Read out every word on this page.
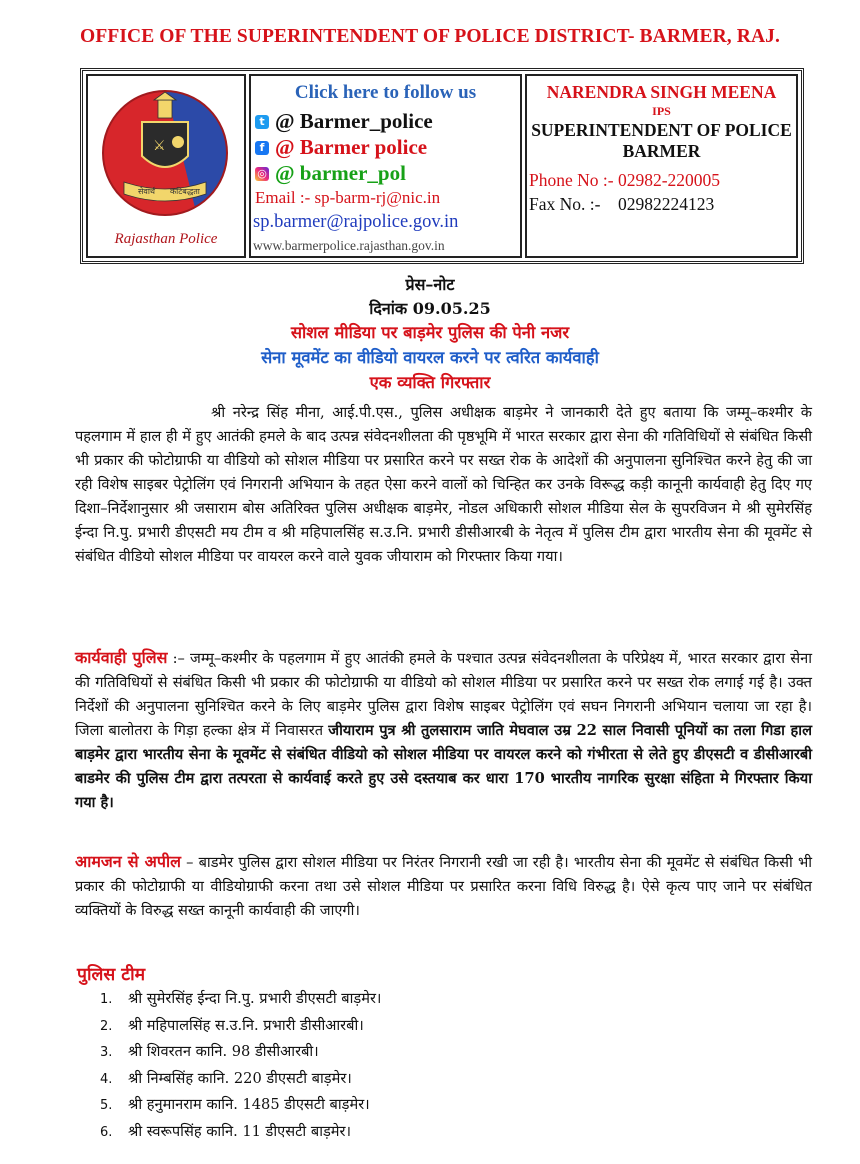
OFFICE OF THE SUPERINTENDENT OF POLICE DISTRICT- BARMER, RAJ.
⚔
सेवार्थ कटिबद्धता
Rajasthan Police
Click here to follow us
t @ Barmer_police
f @ Barmer police
◎ @ barmer_pol
Email :- sp-barm-rj@nic.in
sp.barmer@rajpolice.gov.in
www.barmerpolice.rajasthan.gov.in
NARENDRA SINGH MEENA
IPS
SUPERINTENDENT OF POLICE
BARMER
Phone No :- 02982-220005
Fax No. :-    02982224123
प्रेस–नोट
दिनांक 09.05.25
सोशल मीडिया पर बाड़मेर पुलिस की पेनी नजर
सेना मूवमेंट का वीडियो वायरल करने पर त्वरित कार्यवाही
एक व्यक्ति गिरफ्तार
श्री नरेन्द्र सिंह मीना, आई.पी.एस., पुलिस अधीक्षक बाड़मेर ने जानकारी देते हुए बताया कि जम्मू–कश्मीर के पहलगाम में हाल ही में हुए आतंकी हमले के बाद उत्पन्न संवेदनशीलता की पृष्ठभूमि में भारत सरकार द्वारा सेना की गतिविधियों से संबंधित किसी भी प्रकार की फोटोग्राफी या वीडियो को सोशल मीडिया पर प्रसारित करने पर सख्त रोक के आदेशों की अनुपालना सुनिश्चित करने हेतु की जा रही विशेष साइबर पेट्रोलिंग एवं निगरानी अभियान के तहत ऐसा करने वालों को चिन्हित कर उनके विरूद्ध कड़ी कानूनी कार्यवाही हेतु दिए गए दिशा–निर्देशानुसार श्री जसाराम बोस अतिरिक्त पुलिस अधीक्षक बाड़मेर, नोडल अधिकारी सोशल मीडिया सेल के सुपरविजन मे श्री सुमेरसिंह ईन्दा नि.पु. प्रभारी डीएसटी मय टीम व श्री महिपालसिंह स.उ.नि. प्रभारी डीसीआरबी के नेतृत्व में पुलिस टीम द्वारा भारतीय सेना की मूवमेंट से संबंधित वीडियो सोशल मीडिया पर वायरल करने वाले युवक जीयाराम को गिरफ्तार किया गया।
कार्यवाही पुलिस :– जम्मू–कश्मीर के पहलगाम में हुए आतंकी हमले के पश्चात उत्पन्न संवेदनशीलता के परिप्रेक्ष्य में, भारत सरकार द्वारा सेना की गतिविधियों से संबंधित किसी भी प्रकार की फोटोग्राफी या वीडियो को सोशल मीडिया पर प्रसारित करने पर सख्त रोक लगाई गई है। उक्त निर्देशों की अनुपालना सुनिश्चित करने के लिए बाड़मेर पुलिस द्वारा विशेष साइबर पेट्रोलिंग एवं सघन निगरानी अभियान चलाया जा रहा है। जिला बालोतरा के गिड़ा हल्का क्षेत्र में निवासरत जीयाराम पुत्र श्री तुलसाराम जाति मेघवाल उम्र 22 साल निवासी पूनियों का तला गिडा हाल बाड़मेर द्वारा भारतीय सेना के मूवमेंट से संबंधित वीडियो को सोशल मीडिया पर वायरल करने को गंभीरता से लेते हुए डीएसटी व डीसीआरबी बाडमेर की पुलिस टीम द्वारा तत्परता से कार्यवाई करते हुए उसे दस्तयाब कर धारा 170 भारतीय नागरिक सुरक्षा संहिता मे गिरफ्तार किया गया है।
आमजन से अपील – बाडमेर पुलिस द्वारा सोशल मीडिया पर निरंतर निगरानी रखी जा रही है। भारतीय सेना की मूवमेंट से संबंधित किसी भी प्रकार की फोटोग्राफी या वीडियोग्राफी करना तथा उसे सोशल मीडिया पर प्रसारित करना विधि विरुद्ध है। ऐसे कृत्य पाए जाने पर संबंधित व्यक्तियों के विरुद्ध सख्त कानूनी कार्यवाही की जाएगी।
पुलिस टीम
1. श्री सुमेरसिंह ईन्दा नि.पु. प्रभारी डीएसटी बाड़मेर।
2. श्री महिपालसिंह स.उ.नि. प्रभारी डीसीआरबी।
3. श्री शिवरतन कानि. 98 डीसीआरबी।
4. श्री निम्बसिंह कानि. 220 डीएसटी बाड़मेर।
5. श्री हनुमानराम कानि. 1485 डीएसटी बाड़मेर।
6. श्री स्वरूपसिंह कानि. 11 डीएसटी बाड़मेर।
